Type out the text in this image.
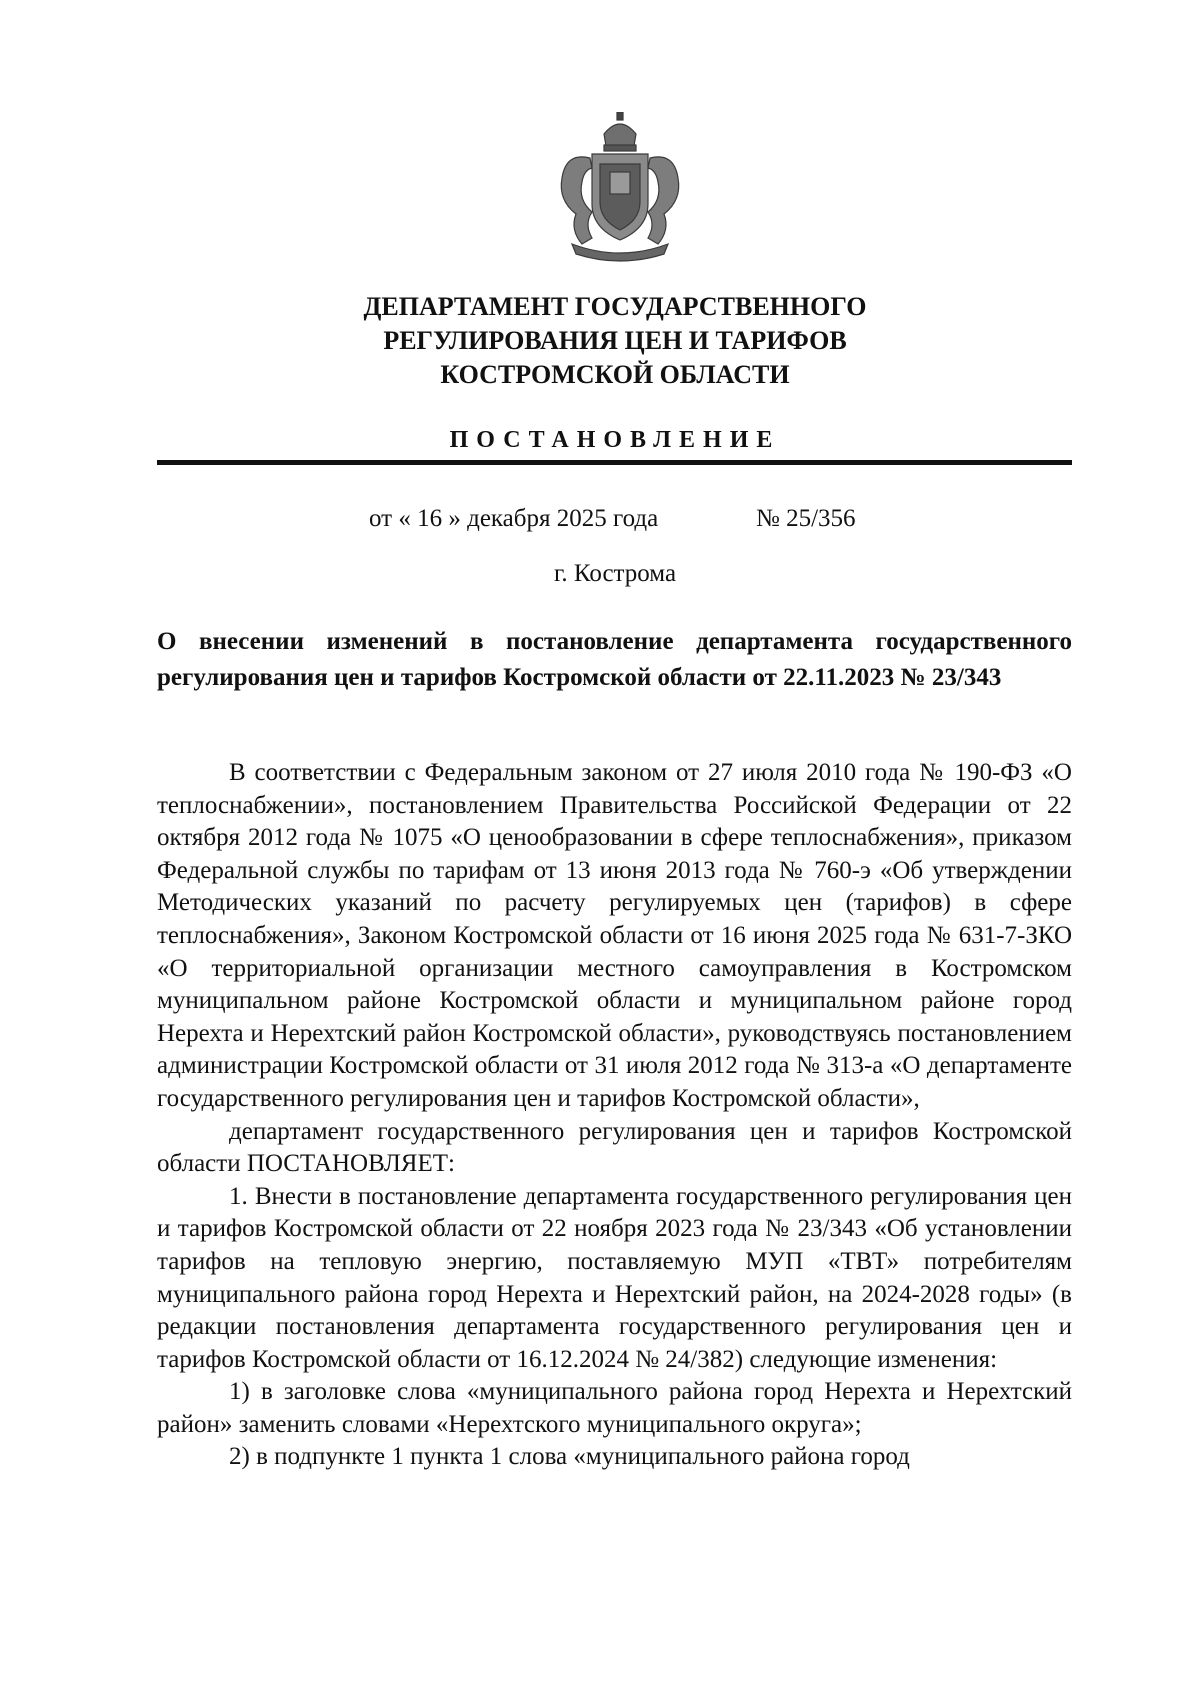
ДЕПАРТАМЕНТ ГОСУДАРСТВЕННОГО
РЕГУЛИРОВАНИЯ ЦЕН И ТАРИФОВ
КОСТРОМСКОЙ ОБЛАСТИ
ПОСТАНОВЛЕНИЕ
от « 16 » декабря 2025 года	№ 25/356
г. Кострома
О внесении изменений в постановление департамента государственного
регулирования цен и тарифов Костромской области от 22.11.2023 № 23/343

В соответствии с Федеральным законом от 27 июля 2010 года № 190-ФЗ «О теплоснабжении», постановлением Правительства Российской Федерации от 22 октября 2012 года № 1075 «О ценообразовании в сфере теплоснабжения», приказом Федеральной службы по тарифам от 13 июня 2013 года № 760-э «Об утверждении Методических указаний по расчету регулируемых цен (тарифов) в сфере теплоснабжения», Законом Костромской области от 16 июня 2025 года № 631-7-ЗКО «О территориальной организации местного самоуправления в Костромском муниципальном районе Костромской области и муниципальном районе город Нерехта и Нерехтский район Костромской области», руководствуясь постановлением администрации Костромской области от 31 июля 2012 года № 313-а «О департаменте государственного регулирования цен и тарифов Костромской области»,

департамент государственного регулирования цен и тарифов Костромской области ПОСТАНОВЛЯЕТ:

1. Внести в постановление департамента государственного регулирования цен и тарифов Костромской области от 22 ноября 2023 года № 23/343 «Об установлении тарифов на тепловую энергию, поставляемую МУП «ТВТ» потребителям муниципального района город Нерехта и Нерехтский район, на 2024-2028 годы» (в редакции постановления департамента государственного регулирования цен и тарифов Костромской области от 16.12.2024 № 24/382) следующие изменения:

1) в заголовке слова «муниципального района город Нерехта и Нерехтский район» заменить словами «Нерехтского муниципального округа»;

2) в подпункте 1 пункта 1 слова «муниципального района город
